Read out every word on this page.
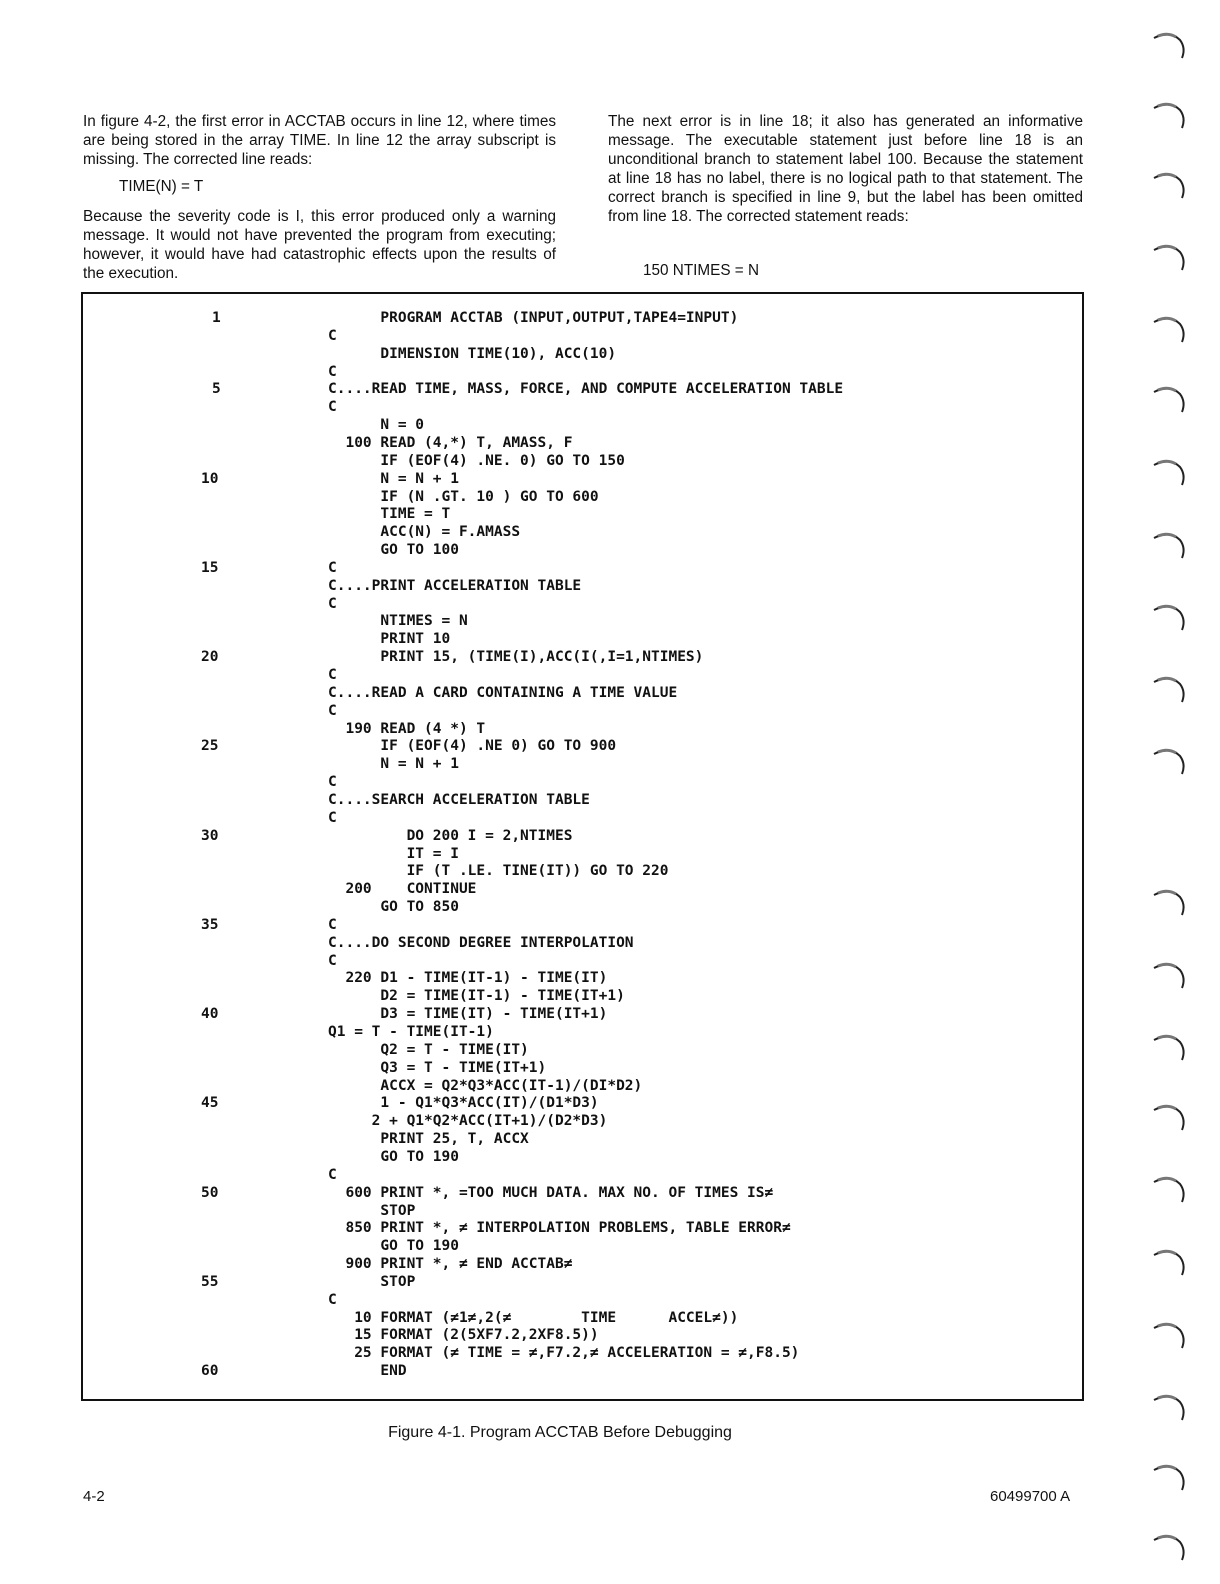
In figure 4-2, the first error in ACCTAB occurs in line 12, where times are being stored in the array TIME. In line 12 the array subscript is missing. The corrected line reads:

TIME(N) = T

Because the severity code is I, this error produced only a warning message. It would not have prevented the program from executing; however, it would have had catastrophic effects upon the results of the execution.

The next error is in line 18; it also has generated an informative message. The executable statement just before line 18 is an unconditional branch to statement label 100. Because the statement at line 18 has no label, there is no logical path to that statement. The correct branch is specified in line 9, but the label has been omitted from line 18. The corrected statement reads:

150 NTIMES = N
PROGRAM ACCTAB (INPUT,OUTPUT,TAPE4=INPUT)
C
DIMENSION TIME(10), ACC(10)
C
C....READ TIME, MASS, FORCE, AND COMPUTE ACCELERATION TABLE
C
N = 0
100 READ (4,*) T, AMASS, F
IF (EOF(4) .NE. 0) GO TO 150
N = N + 1
IF (N .GT. 10 ) GO TO 600
TIME = T
ACC(N) = F.AMASS
GO TO 100
C
C....PRINT ACCELERATION TABLE
C
NTIMES = N
PRINT 10
PRINT 15, (TIME(I),ACC(I(,I=1,NTIMES)
C
C....READ A CARD CONTAINING A TIME VALUE
C
190 READ (4 *) T
IF (EOF(4) .NE 0) GO TO 900
N = N + 1
C
C....SEARCH ACCELERATION TABLE
C
DO 200 I = 2,NTIMES
IT = I
IF (T .LE. TINE(IT)) GO TO 220
200    CONTINUE
GO TO 850
C
C....DO SECOND DEGREE INTERPOLATION
C
220 D1 - TIME(IT-1) - TIME(IT)
D2 = TIME(IT-1) - TIME(IT+1)
D3 = TIME(IT) - TIME(IT+1)
Q1 = T - TIME(IT-1)
Q2 = T - TIME(IT)
Q3 = T - TIME(IT+1)
ACCX = Q2*Q3*ACC(IT-1)/(DI*D2)
1 - Q1*Q3*ACC(IT)/(D1*D3)
2 + Q1*Q2*ACC(IT+1)/(D2*D3)
PRINT 25, T, ACCX
GO TO 190
C
600 PRINT *, =TOO MUCH DATA. MAX NO. OF TIMES IS≠
STOP
850 PRINT *, ≠ INTERPOLATION PROBLEMS, TABLE ERROR≠
GO TO 190
900 PRINT *, ≠ END ACCTAB≠
STOP
C
10 FORMAT (≠1≠,2(≠        TIME      ACCEL≠))
15 FORMAT (2(5XF7.2,2XF8.5))
25 FORMAT (≠ TIME = ≠,F7.2,≠ ACCELERATION = ≠,F8.5)
END
1
5
10
15
20
25
30
35
40
45
50
55
60
Figure 4-1. Program ACCTAB Before Debugging
4-2	60499700 A
